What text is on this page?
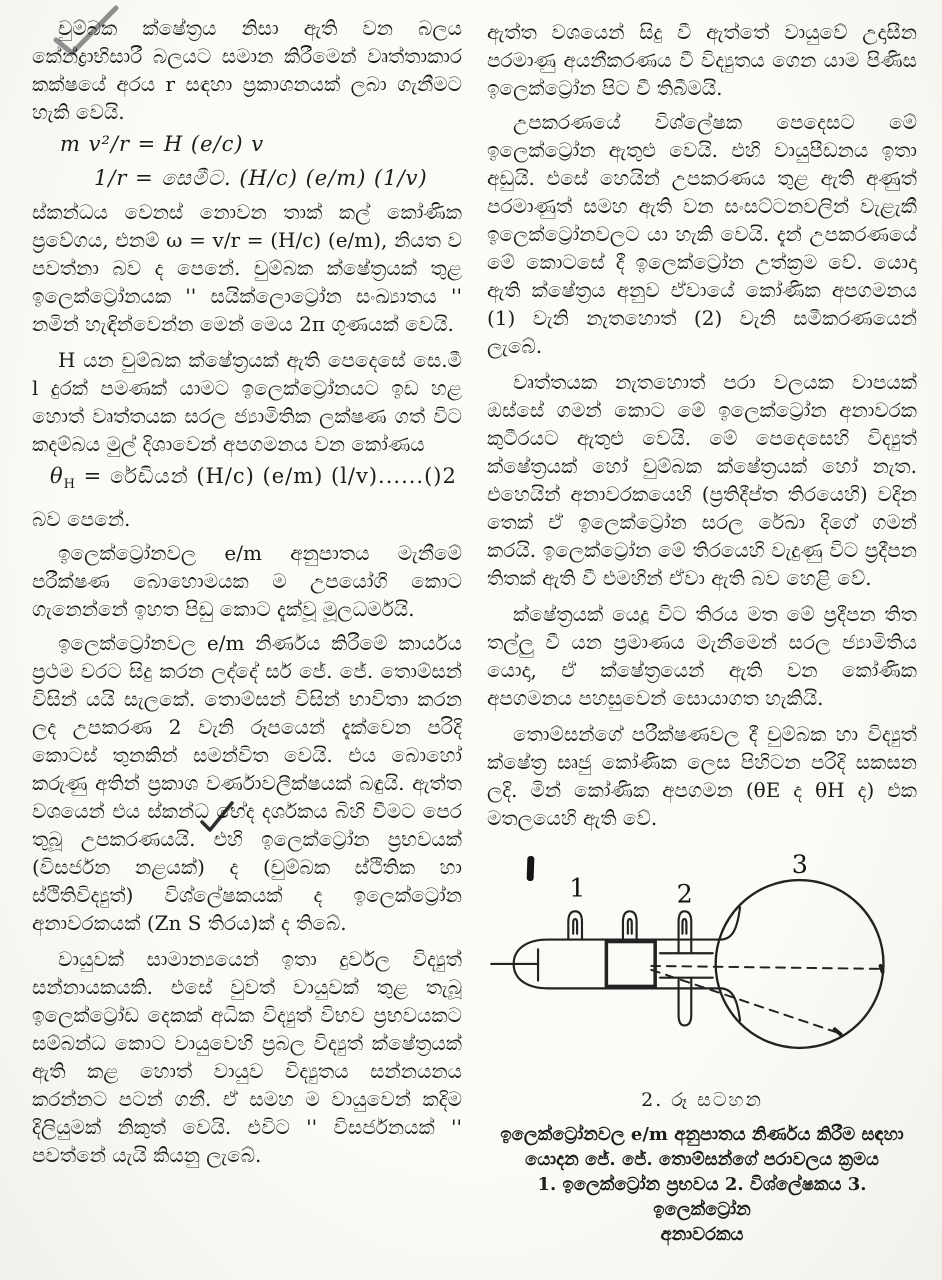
චුම්බක ක්ෂේත්‍රය නිසා ඇති වන බලය කේන්ද්‍රාභිසාරී බලයට සමාන කිරීමෙන් වෘත්තාකාර කක්ෂයේ අරය r සඳහා ප්‍රකාශනයක් ලබා ගැනීමට හැකි වෙයි.

m v²/r = H (e/c) v
1/r = සෙමීට. (H/c) (e/m) (1/v)

ස්කන්ධය වෙනස් නොවන තාක් කල් කෝණික ප්‍රවේගය, එනම් ω = v/r = (H/c) (e/m), නියත ව පවත්නා බව ද පෙනේ. චුම්බක ක්ෂේත්‍රයක් තුළ ඉලෙක්ට්‍රෝනයක '' සයික්ලොට්‍රෝන සංඛ්‍යාතය '' නමින් හැඳින්වෙන්න මෙන් මෙය 2π ගුණයක් වෙයි.

H යන චුම්බක ක්ෂේත්‍රයක් ඇති පෙදෙසේ සෙ.මී l දුරක් පමණක් යාමට ඉලෙක්ට්‍රෝනයට ඉඩ හළ හොත් වෘත්තයක සරල ජ්‍යාමිතික ලක්ෂණ ගත් විට කදම්බය මුල් දිශාවෙන් අපගමනය වන කෝණය

$\theta_H$ = රේඩියන් (H/c) (e/m) (l/v)......()2

බව පෙනේ.

ඉලෙක්ට්‍රෝනවල e/m අනුපාතය මැනීමේ පරීක්ෂණ බොහොමයක ම උපයෝගි කොට ගැනෙන්නේ ඉහත පිඩු කොට දැක්වූ මූලධර්මයි.

ඉලෙක්ට්‍රෝනවල e/m නිර්ණය කිරීමේ කාර්යය ප්‍රථම වරට සිදු කරන ලද්දේ සර් ජේ. ජේ. තොම්සන් විසින් යයි සැලකේ. තොම්සන් විසින් භාවිතා කරන ලද උපකරණ 2 වැනි රූපයෙන් දැක්වෙන පරිදි කොටස් තුනකින් සමන්විත වෙයි. එය බොහෝ කරුණු අතින් ප්‍රකාශ වර්ණාවලීක්ෂයක් බඳුයි. ඇත්ත වශයෙන් එය ස්කන්ධ භේද දර්ශකය බිහි වීමට පෙර තුබූ උපකරණයයි. එහි ඉලෙක්ට්‍රෝන ප්‍රභවයක් (විසර්ජන නළයක්) ද (චුම්බක ස්ථිතික හා ස්ථිතිවිද්‍යුත්) විශ්ලේෂකයක් ද ඉලෙක්ට්‍රෝන අනාවරකයක් (Zn S තිරය)ක් ද තිබේ.

වායුවක් සාමාන්‍යයෙන් ඉතා දුර්වල විද්‍යුත් සන්නායකයකි. එසේ වුවත් වායුවක් තුළ තැබූ ඉලෙක්ට්‍රෝඩ දෙකක් අධික විද්‍යුත් විභව ප්‍රභවයකට සම්බන්ධ කොට වායුවෙහි ප්‍රබල විද්‍යුත් ක්ෂේත්‍රයක් ඇති කළ හොත් වායුව විද්‍යුතය සන්නයනය කරන්නට පටන් ගනී. ඒ සමහ ම වායුවෙන් කදිම දිලියුමක් නිකුත් වෙයි. එවිට '' විසර්ජනයක් '' පවත්නේ යැයි කියනු ලැබේ.

ඇත්ත වශයෙන් සිදු වී ඇත්තේ වායුවේ උදාසීන පරමාණු අයනීකරණය වී විද්‍යුතය ගෙන යාම පිණිස ඉලෙක්ට්‍රෝන පිට වී තිබීමයි.

උපකරණයේ විශ්ලේෂක පෙදෙසට මේ ඉලෙක්ට්‍රෝන ඇතුළු වෙයි. එහි වායුපීඩනය ඉතා අඩුයි. එසේ හෙයින් උපකරණය තුළ ඇති අණුත් පරමාණුත් සමහ ඇති වන සංසට්ටනවලින් වැළැකී ඉලෙක්ට්‍රෝනවලට යා හැකි වෙයි. දැන් උපකරණයේ මේ කොටසේ දී ඉලෙක්ට්‍රෝන උත්ක්‍රම වේ. යොදා ඇති ක්ෂේත්‍රය අනුව ඒවායේ කෝණික අපගමනය (1) වැනි නැතහොත් (2) වැනි සමීකරණයෙන් ලැබේ.

වෘත්තයක නැතහොත් පරා වලයක වාපයක් ඔස්සේ ගමන් කොට මේ ඉලෙක්ට්‍රෝන අනාවරක කුටීරයට ඇතුළු වෙයි. මේ පෙදෙසෙහි විද්‍යුත් ක්ෂේත්‍රයක් හෝ චුම්බක ක්ෂේත්‍රයක් හෝ නැත. එහෙයින් අනාවරකයෙහි (ප්‍රතිදීප්ත තිරයෙහි) වදින තෙක් ඒ ඉලෙක්ට්‍රෝන සරල රේඛා දිගේ ගමන් කරයි. ඉලෙක්ට්‍රෝන මේ තිරයෙහි වැදුණු විට ප්‍රදීපන තිතක් ඇති වී එමහින් ඒවා ඇති බව හෙළි වේ.

ක්ෂේත්‍රයක් යෙදූ විට තිරය මත මේ ප්‍රදීපන තිත තල්ලු වී යන ප්‍රමාණය මැනීමෙන් සරල ජ්‍යාමිතිය යොදා, ඒ ක්ෂේත්‍රයෙන් ඇති වන කෝණික අපගමනය පහසුවෙන් සොයාගත හැකියි.

තොම්සන්ගේ පරීක්ෂණවල දී චුම්බක හා විද්‍යුත් ක්ෂේත්‍ර සෘජු කෝණික ලෙස පිහිටන පරිදි සකසන ලදි. මින් කෝණික අපගමන (θE ද θH ද) එක මතලයෙහි ඇති වේ.

1	2
3
2. රූ සටහන
ඉලෙක්ට්‍රෝනවල e/m අනුපාතය නිර්ණය කිරීම සඳහා
යොදන ජේ. ජේ. තොම්සන්ගේ පරාවලය ක්‍රමය
1. ඉලෙක්ට්‍රෝන ප්‍රභවය 2. විශ්ලේෂකය 3. ඉලෙක්ට්‍රෝන
අනාවරකය
